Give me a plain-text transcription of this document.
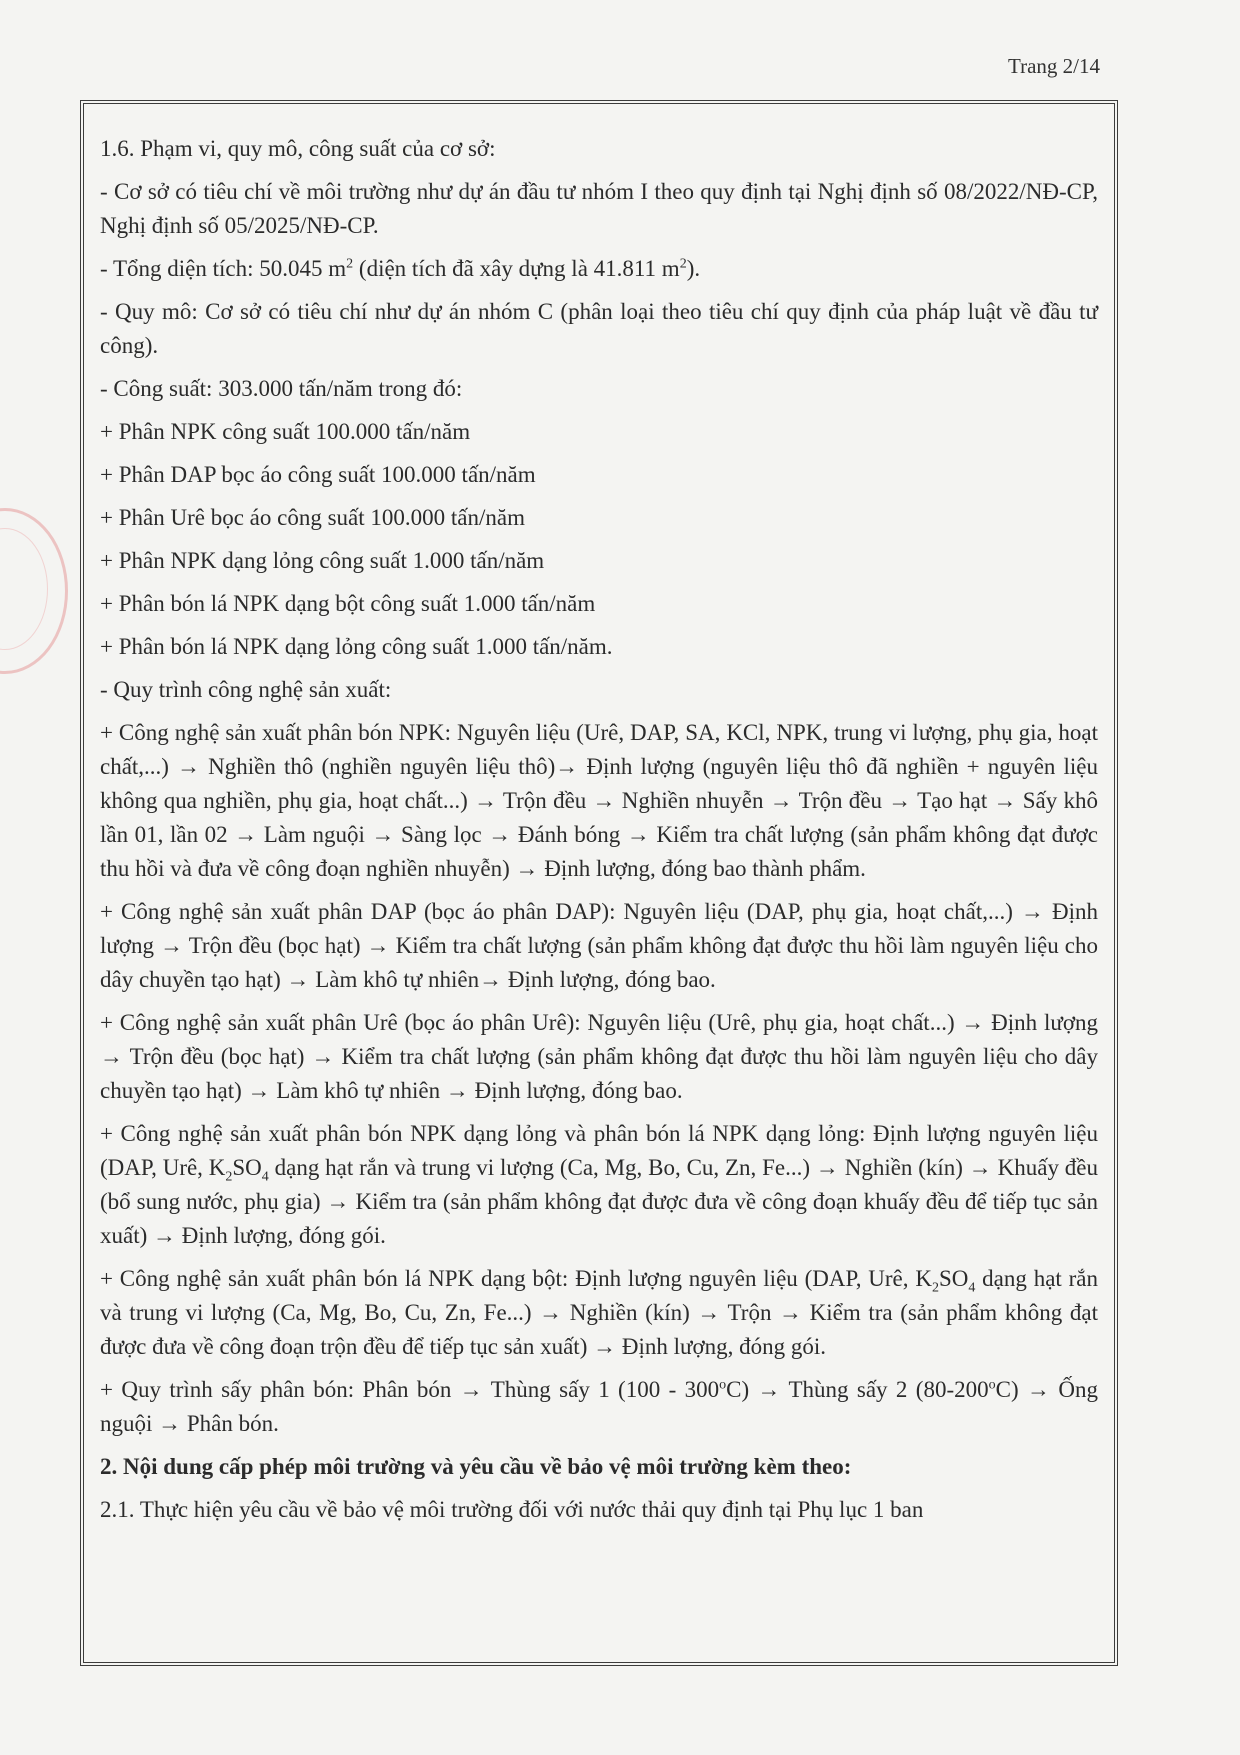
Trang 2/14

1.6. Phạm vi, quy mô, công suất của cơ sở:

- Cơ sở có tiêu chí về môi trường như dự án đầu tư nhóm I theo quy định tại Nghị định số 08/2022/NĐ-CP, Nghị định số 05/2025/NĐ-CP.

- Tổng diện tích: 50.045 $m^2$ (diện tích đã xây dựng là 41.811 $m^2$).

- Quy mô: Cơ sở có tiêu chí như dự án nhóm C (phân loại theo tiêu chí quy định của pháp luật về đầu tư công).

- Công suất: 303.000 tấn/năm trong đó:

+ Phân NPK công suất 100.000 tấn/năm

+ Phân DAP bọc áo công suất 100.000 tấn/năm

+ Phân Urê bọc áo công suất 100.000 tấn/năm

+ Phân NPK dạng lỏng công suất 1.000 tấn/năm

+ Phân bón lá NPK dạng bột công suất 1.000 tấn/năm

+ Phân bón lá NPK dạng lỏng công suất 1.000 tấn/năm.

- Quy trình công nghệ sản xuất:

+ Công nghệ sản xuất phân bón NPK: Nguyên liệu (Urê, DAP, SA, KCl, NPK, trung vi lượng, phụ gia, hoạt chất,...) → Nghiền thô (nghiền nguyên liệu thô)→ Định lượng (nguyên liệu thô đã nghiền + nguyên liệu không qua nghiền, phụ gia, hoạt chất...) → Trộn đều → Nghiền nhuyễn → Trộn đều → Tạo hạt → Sấy khô lần 01, lần 02 → Làm nguội → Sàng lọc → Đánh bóng → Kiểm tra chất lượng (sản phẩm không đạt được thu hồi và đưa về công đoạn nghiền nhuyễn) → Định lượng, đóng bao thành phẩm.

+ Công nghệ sản xuất phân DAP (bọc áo phân DAP): Nguyên liệu (DAP, phụ gia, hoạt chất,...) → Định lượng → Trộn đều (bọc hạt) → Kiểm tra chất lượng (sản phẩm không đạt được thu hồi làm nguyên liệu cho dây chuyền tạo hạt) → Làm khô tự nhiên→ Định lượng, đóng bao.

+ Công nghệ sản xuất phân Urê (bọc áo phân Urê): Nguyên liệu (Urê, phụ gia, hoạt chất...) → Định lượng → Trộn đều (bọc hạt) → Kiểm tra chất lượng (sản phẩm không đạt được thu hồi làm nguyên liệu cho dây chuyền tạo hạt) → Làm khô tự nhiên → Định lượng, đóng bao.

+ Công nghệ sản xuất phân bón NPK dạng lỏng và phân bón lá NPK dạng lỏng: Định lượng nguyên liệu (DAP, Urê, $K_2SO_4$ dạng hạt rắn và trung vi lượng (Ca, Mg, Bo, Cu, Zn, Fe...) → Nghiền (kín) → Khuấy đều (bổ sung nước, phụ gia) → Kiểm tra (sản phẩm không đạt được đưa về công đoạn khuấy đều để tiếp tục sản xuất) → Định lượng, đóng gói.

+ Công nghệ sản xuất phân bón lá NPK dạng bột: Định lượng nguyên liệu (DAP, Urê, $K_2SO_4$ dạng hạt rắn và trung vi lượng (Ca, Mg, Bo, Cu, Zn, Fe...) → Nghiền (kín) → Trộn → Kiểm tra (sản phẩm không đạt được đưa về công đoạn trộn đều để tiếp tục sản xuất) → Định lượng, đóng gói.

+ Quy trình sấy phân bón: Phân bón → Thùng sấy 1 $(100 - 300^oC)$ → Thùng sấy 2 $(80-200^oC)$ → Ống nguội → Phân bón.

2. Nội dung cấp phép môi trường và yêu cầu về bảo vệ môi trường kèm theo:

2.1. Thực hiện yêu cầu về bảo vệ môi trường đối với nước thải quy định tại Phụ lục 1 ban
